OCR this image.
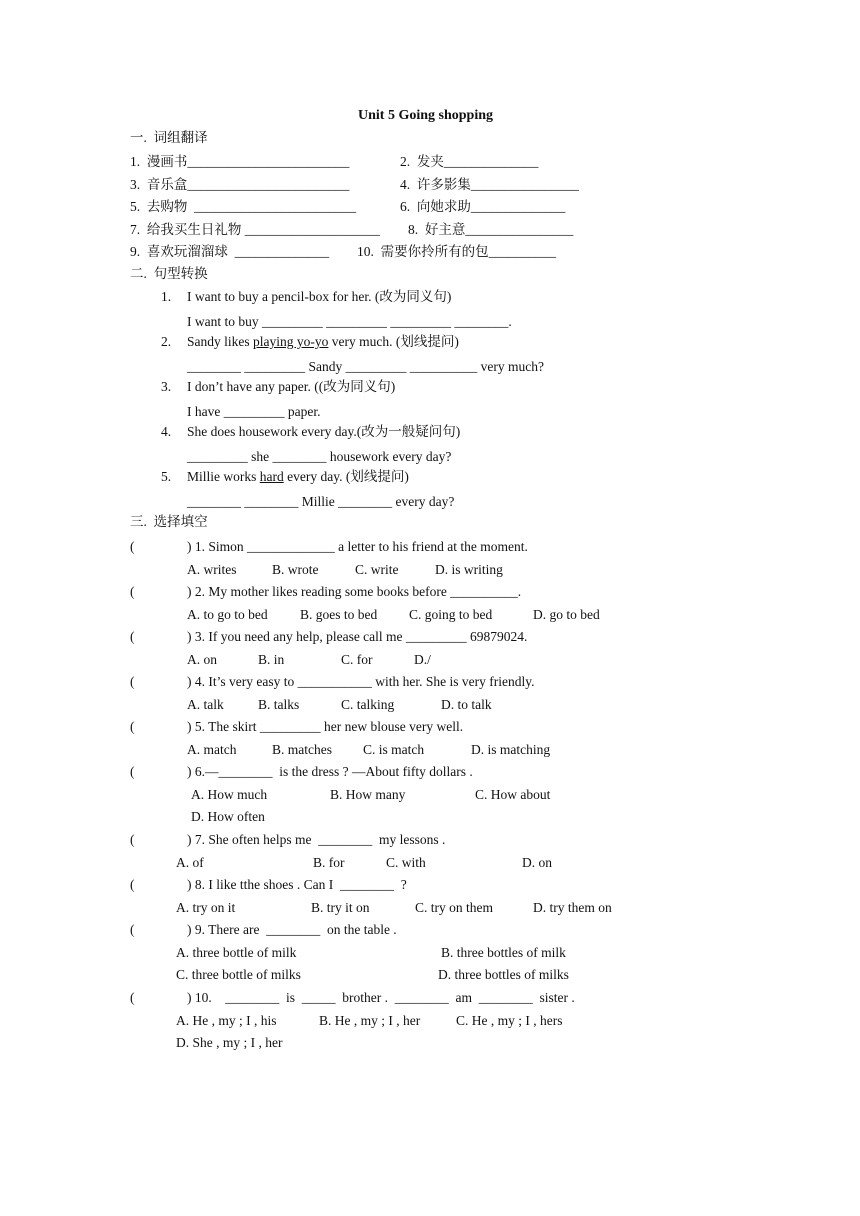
Unit 5 Going shopping
一.  词组翻译
1.  漫画书________________________	2.  发夹______________
3.  音乐盒________________________	4.  许多影集________________
5.  去购物  ________________________	6.  向她求助______________
7.  给我买生日礼物 ____________________ 8.  好主意________________
9.  喜欢玩溜溜球  ______________ 10.  需要你拎所有的包__________
二.  句型转换
1. I want to buy a pencil-box for her. (改为同义句)
I want to buy _________ _________ _________ ________.
2. Sandy likes playing yo-yo very much. (划线提问)
________ _________ Sandy _________ __________ very much?
3. I don’t have any paper. ((改为同义句)
I have _________ paper.
4. She does housework every day.(改为一般疑问句)
_________ she ________ housework every day?
5. Millie works hard every day. (划线提问)
________ ________ Millie ________ every day?
三.  选择填空
(	) 1. Simon _____________ a letter to his friend at the moment.
A. writes	B. wrote	C. write	D. is writing
(	) 2. My mother likes reading some books before __________.
A. to go to bed B. goes to bed C. going to bed	D. go to bed
(	) 3. If you need any help, please call me _________ 69879024.
A. on	B. in	C. for	D./
(	) 4. It’s very easy to ___________ with her. She is very friendly.
A. talk	B. talks	C. talking	D. to talk
(	) 5. The skirt _________ her new blouse very well.
A. match	B. matches C. is match	D. is matching
(	) 6.—________  is the dress ? —About fifty dollars .
A. How much	B. How many	C. How about
D. How often
(	) 7. She often helps me  ________  my lessons .
A. of	B. for	C. with	D. on
(	) 8. I like tthe shoes . Can I  ________  ?
A. try on it	B. try it on	C. try on them	D. try them on
(	) 9. There are  ________  on the table .
A. three bottle of milk	B. three bottles of milk
C. three bottle of milks	D. three bottles of milks
(	) 10.    ________  is  _____  brother .  ________  am  ________  sister .
A. He , my ; I , his	B. He , my ; I , her	C. He , my ; I , hers
D. She , my ; I , her
